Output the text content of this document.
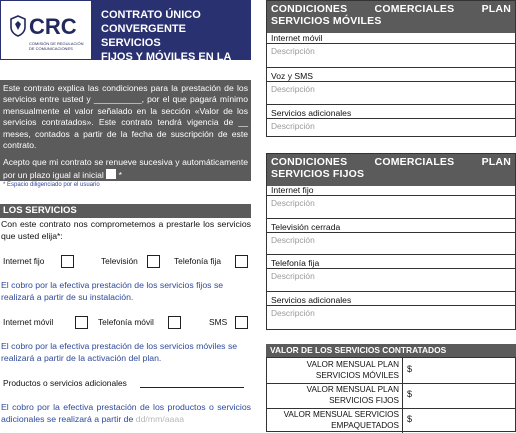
CRC
COMISIÓN DE REGULACIÓN DE COMUNICACIONES
CONTRATO ÚNICO
CONVERGENTE SERVICIOS
FIJOS Y MÓVILES EN LA
MODALIDAD POSPAGO

Este contrato explica las condiciones para la prestación de los servicios entre usted y __________, por el que pagará mínimo mensualmente el valor señalado en la sección «Valor de los servicios contratados». Este contrato tendrá vigencia de __ meses, contados a partir de la fecha de suscripción de este contrato.

Acepto que mi contrato se renueve sucesiva y automáticamente por un plazo igual al inicial *

* Espacio diligenciado por el usuario
LOS SERVICIOS
Con este contrato nos comprometemos a prestarle los servicios que usted elija*:
Internet fijo	Televisión	Telefonía fija
El cobro por la efectiva prestación de los servicios fijos se realizará a partir de su instalación.
Internet móvil	Telefonía móvil	SMS
El cobro por la efectiva prestación de los servicios móviles se realizará a partir de la activación del plan.
Productos o servicios adicionales
El cobro por la efectiva prestación de los productos o servicios adicionales se realizará a partir de dd/mm/aaaa
CONDICIONES COMERCIALES PLAN SERVICIOS MÓVILES
Internet móvil
Descripción
Voz y SMS
Descripción
Servicios adicionales
Descripción
CONDICIONES COMERCIALES PLAN SERVICIOS FIJOS
Internet fijo
Descripción
Televisión cerrada
Descripción
Telefonía fija
Descripción
Servicios adicionales
Descripción
VALOR DE LOS SERVICIOS CONTRATADOS
VALOR MENSUAL PLAN SERVICIOS MÓVILES
$
VALOR MENSUAL PLAN SERVICIOS FIJOS
$
VALOR MENSUAL SERVICIOS EMPAQUETADOS
$
